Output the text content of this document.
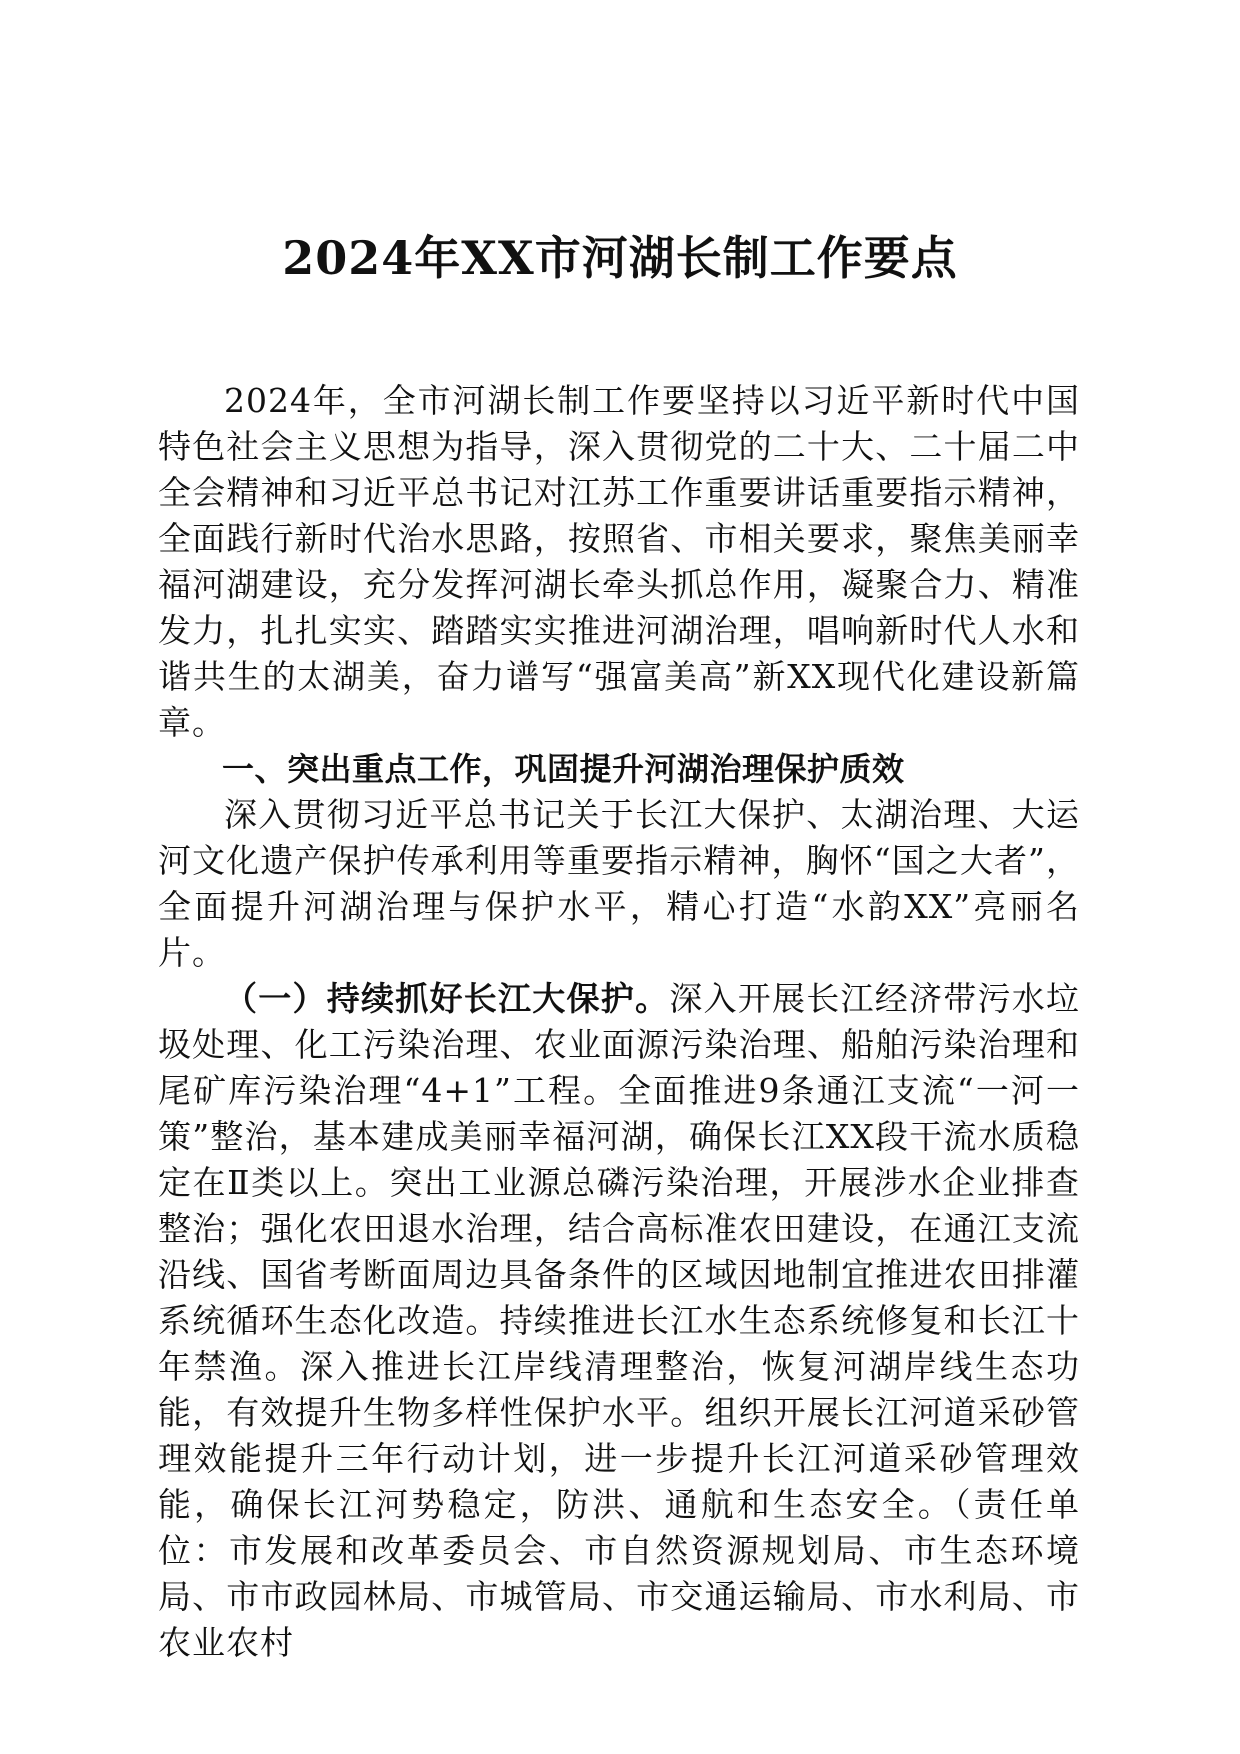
2024年XX市河湖长制工作要点

2024年，全市河湖长制工作要坚持以习近平新时代中国特色社会主义思想为指导，深入贯彻党的二十大、二十届二中全会精神和习近平总书记对江苏工作重要讲话重要指示精神，全面践行新时代治水思路，按照省、市相关要求，聚焦美丽幸福河湖建设，充分发挥河湖长牵头抓总作用，凝聚合力、精准发力，扎扎实实、踏踏实实推进河湖治理，唱响新时代人水和谐共生的太湖美，奋力谱写“强富美高”新XX现代化建设新篇章。

一、突出重点工作，巩固提升河湖治理保护质效

深入贯彻习近平总书记关于长江大保护、太湖治理、大运河文化遗产保护传承利用等重要指示精神，胸怀“国之大者”，全面提升河湖治理与保护水平，精心打造“水韵XX”亮丽名片。

（一）持续抓好长江大保护。深入开展长江经济带污水垃圾处理、化工污染治理、农业面源污染治理、船舶污染治理和尾矿库污染治理“4+1”工程。全面推进9条通江支流“一河一策”整治，基本建成美丽幸福河湖，确保长江XX段干流水质稳定在Ⅱ类以上。突出工业源总磷污染治理，开展涉水企业排查整治；强化农田退水治理，结合高标准农田建设，在通江支流沿线、国省考断面周边具备条件的区域因地制宜推进农田排灌系统循环生态化改造。持续推进长江水生态系统修复和长江十年禁渔。深入推进长江岸线清理整治，恢复河湖岸线生态功能，有效提升生物多样性保护水平。组织开展长江河道采砂管理效能提升三年行动计划，进一步提升长江河道采砂管理效能，确保长江河势稳定，防洪、通航和生态安全。（责任单位：市发展和改革委员会、市自然资源规划局、市生态环境局、市市政园林局、市城管局、市交通运输局、市水利局、市农业农村
